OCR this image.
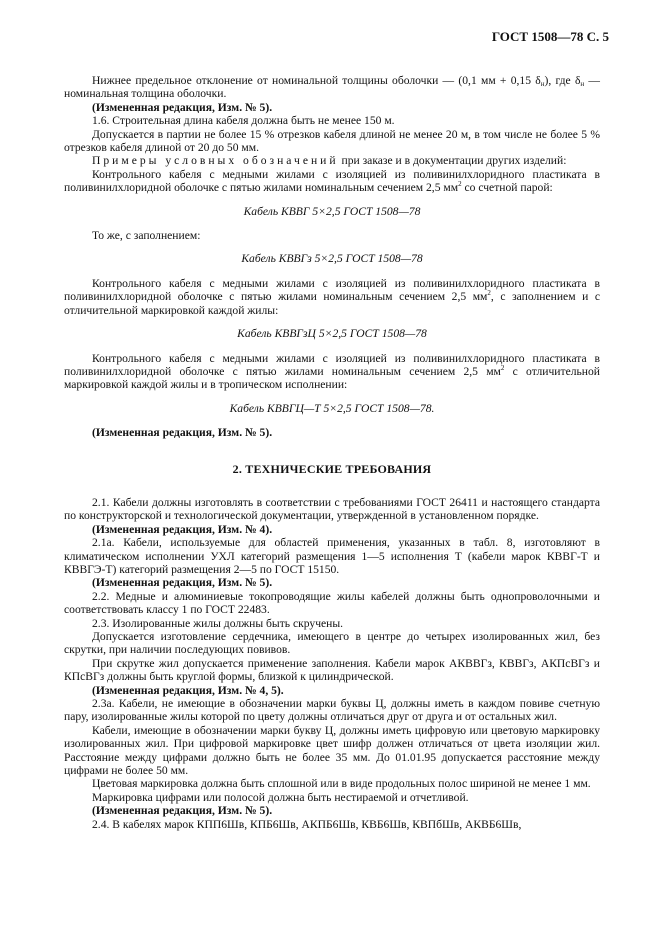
ГОСТ 1508—78 С. 5

Нижнее предельное отклонение от номинальной толщины оболочки — (0,1 мм + 0,15 $\delta_н$), где $\delta_н$ — номинальная толщина оболочки.

(Измененная редакция, Изм. № 5).

1.6. Строительная длина кабеля должна быть не менее 150 м.

Допускается в партии не более 15 % отрезков кабеля длиной не менее 20 м, в том числе не более 5 % отрезков кабеля длиной от 20 до 50 мм.

Примеры условных обозначений при заказе и в документации других изделий:

Контрольного кабеля с медными жилами с изоляцией из поливинилхлоридного пластиката в поливинилхлоридной оболочке с пятью жилами номинальным сечением 2,5 $мм^2$ со счетной парой:

Кабель КВВГ 5×2,5 ГОСТ 1508—78

То же, с заполнением:

Кабель КВВГз 5×2,5 ГОСТ 1508—78

Контрольного кабеля с медными жилами с изоляцией из поливинилхлоридного пластиката в поливинилхлоридной оболочке с пятью жилами номинальным сечением 2,5 $мм^2$, с заполнением и с отличительной маркировкой каждой жилы:

Кабель КВВГзЦ 5×2,5 ГОСТ 1508—78

Контрольного кабеля с медными жилами с изоляцией из поливинилхлоридного пластиката в поливинилхлоридной оболочке с пятью жилами номинальным сечением 2,5 $мм^2$ с отличительной маркировкой каждой жилы и в тропическом исполнении:

Кабель КВВГЦ—Т 5×2,5 ГОСТ 1508—78.

(Измененная редакция, Изм. № 5).

2. ТЕХНИЧЕСКИЕ ТРЕБОВАНИЯ

2.1. Кабели должны изготовлять в соответствии с требованиями ГОСТ 26411 и настоящего стандарта по конструкторской и технологической документации, утвержденной в установленном порядке.

(Измененная редакция, Изм. № 4).

2.1а. Кабели, используемые для областей применения, указанных в табл. 8, изготовляют в климатическом исполнении УХЛ категорий размещения 1—5 исполнения Т (кабели марок КВВГ-Т и КВВГЭ-Т) категорий размещения 2—5 по ГОСТ 15150.

(Измененная редакция, Изм. № 5).

2.2. Медные и алюминиевые токопроводящие жилы кабелей должны быть однопроволочными и соответствовать классу 1 по ГОСТ 22483.

2.3. Изолированные жилы должны быть скручены.

Допускается изготовление сердечника, имеющего в центре до четырех изолированных жил, без скрутки, при наличии последующих повивов.

При скрутке жил допускается применение заполнения. Кабели марок АКВВГз, КВВГз, АКПсВГз и КПсВГз должны быть круглой формы, близкой к цилиндрической.

(Измененная редакция, Изм. № 4, 5).

2.3а. Кабели, не имеющие в обозначении марки буквы Ц, должны иметь в каждом повиве счетную пару, изолированные жилы которой по цвету должны отличаться друг от друга и от остальных жил.

Кабели, имеющие в обозначении марки букву Ц, должны иметь цифровую или цветовую маркировку изолированных жил. При цифровой маркировке цвет шифр должен отличаться от цвета изоляции жил. Расстояние между цифрами должно быть не более 35 мм. До 01.01.95 допускается расстояние между цифрами не более 50 мм.

Цветовая маркировка должна быть сплошной или в виде продольных полос шириной не менее 1 мм.

Маркировка цифрами или полосой должна быть нестираемой и отчетливой.

(Измененная редакция, Изм. № 5).

2.4. В кабелях марок КПП6Шв, КПБ6Шв, АКПБ6Шв, КВБ6Шв, КВПбШв, АКВБ6Шв,
